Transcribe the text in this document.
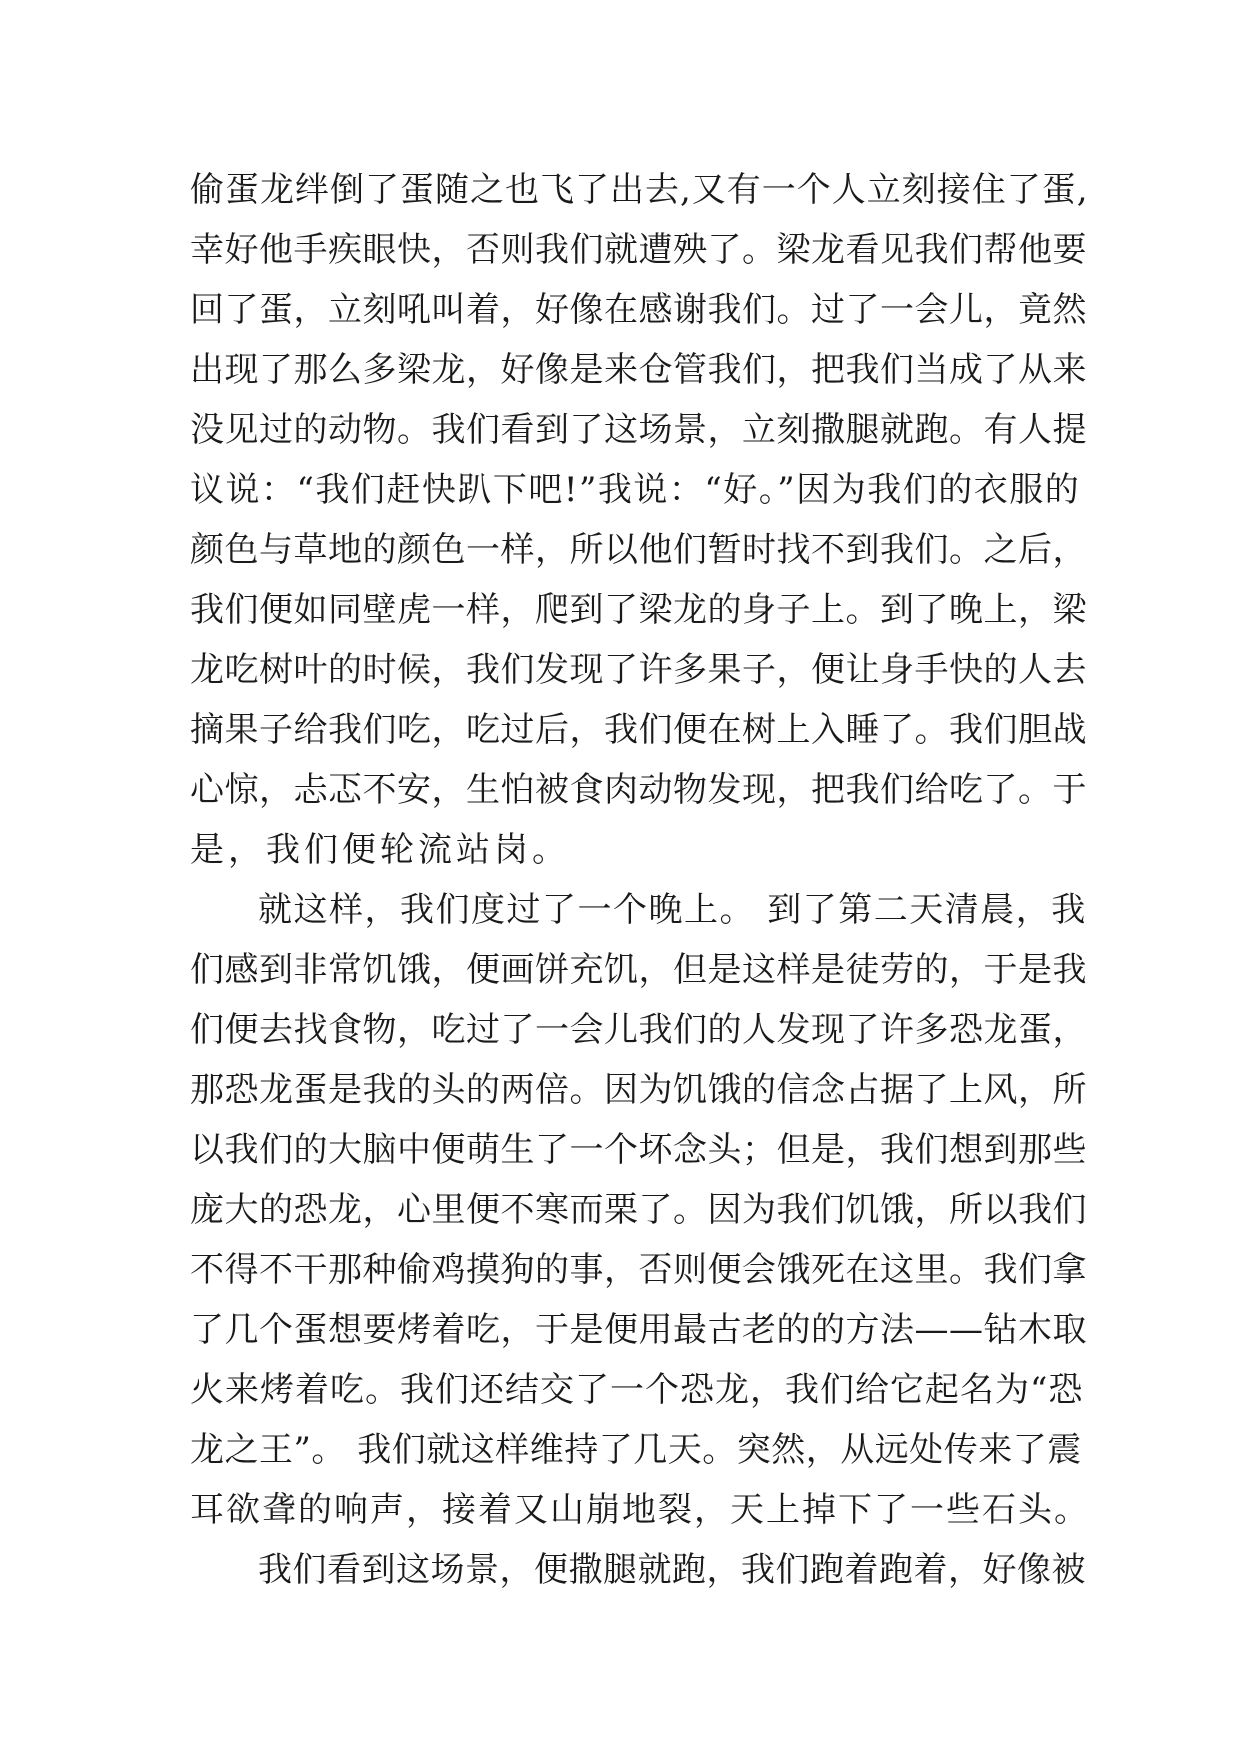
偷蛋龙绊倒了蛋随之也飞了出去,又有一个人立刻接住了蛋,
幸好他手疾眼快，否则我们就遭殃了。梁龙看见我们帮他要
回了蛋，立刻吼叫着，好像在感谢我们。过了一会儿，竟然
出现了那么多梁龙，好像是来仓管我们，把我们当成了从来
没见过的动物。我们看到了这场景，立刻撒腿就跑。有人提
议说：“我们赶快趴下吧!”我说：“好。”因为我们的衣服的
颜色与草地的颜色一样，所以他们暂时找不到我们。之后，
我们便如同壁虎一样，爬到了梁龙的身子上。到了晚上，梁
龙吃树叶的时候，我们发现了许多果子，便让身手快的人去
摘果子给我们吃，吃过后，我们便在树上入睡了。我们胆战
心惊，忐忑不安，生怕被食肉动物发现，把我们给吃了。于
是，我们便轮流站岗。
就这样，我们度过了一个晚上。 到了第二天清晨，我
们感到非常饥饿，便画饼充饥，但是这样是徒劳的，于是我
们便去找食物，吃过了一会儿我们的人发现了许多恐龙蛋，
那恐龙蛋是我的头的两倍。因为饥饿的信念占据了上风，所
以我们的大脑中便萌生了一个坏念头；但是，我们想到那些
庞大的恐龙，心里便不寒而栗了。因为我们饥饿，所以我们
不得不干那种偷鸡摸狗的事，否则便会饿死在这里。我们拿
了几个蛋想要烤着吃，于是便用最古老的的方法——钻木取
火来烤着吃。我们还结交了一个恐龙，我们给它起名为“恐
龙之王”。 我们就这样维持了几天。突然，从远处传来了震
耳欲聋的响声，接着又山崩地裂，天上掉下了一些石头。
我们看到这场景，便撒腿就跑，我们跑着跑着，好像被
